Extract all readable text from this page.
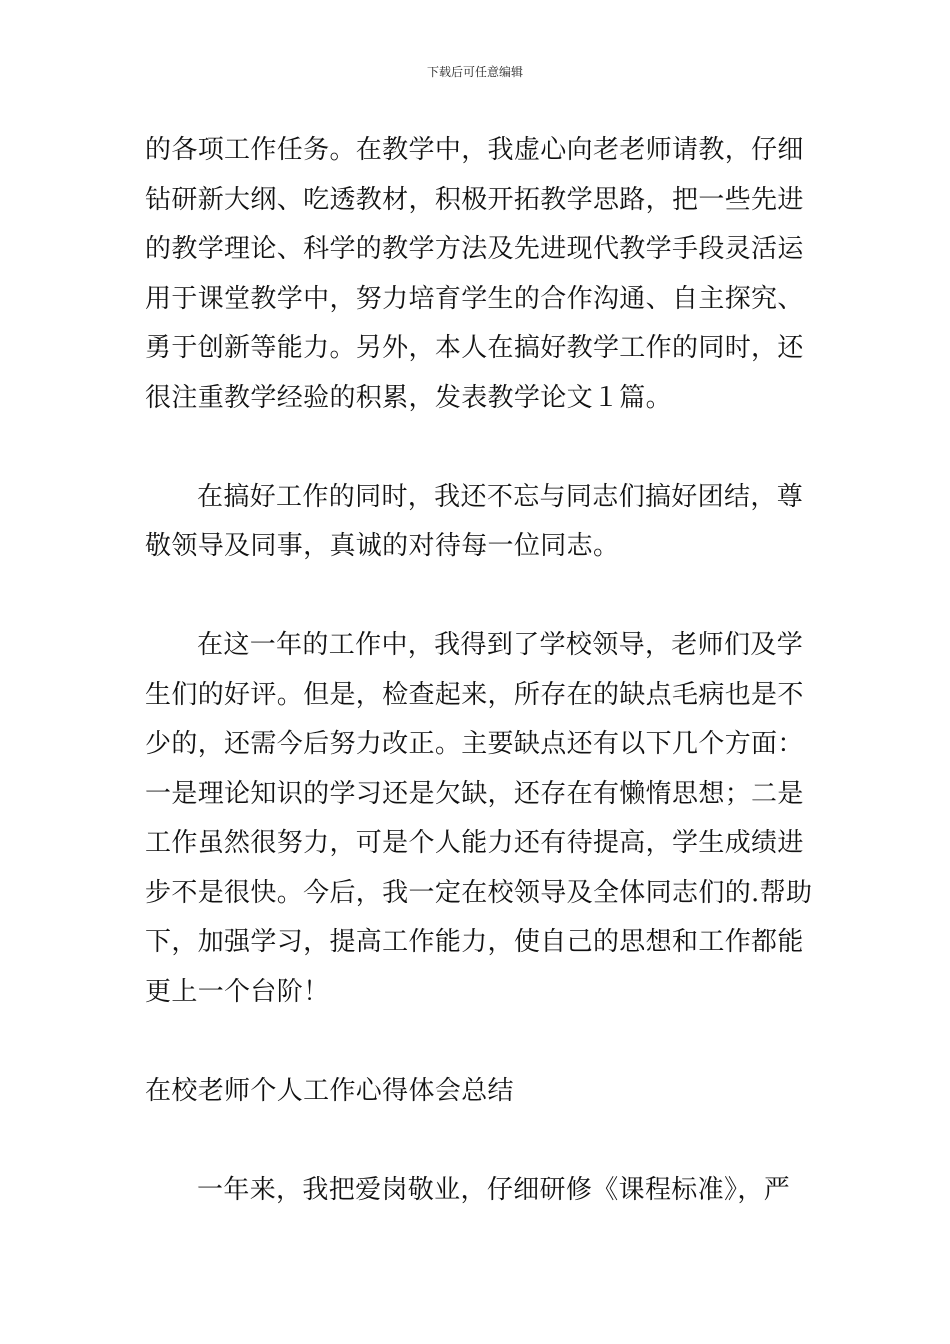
下载后可任意编辑
的各项工作任务。在教学中，我虚心向老老师请教，仔细
钻研新大纲、吃透教材，积极开拓教学思路，把一些先进
的教学理论、科学的教学方法及先进现代教学手段灵活运
用于课堂教学中，努力培育学生的合作沟通、自主探究、
勇于创新等能力。另外，本人在搞好教学工作的同时，还
很注重教学经验的积累，发表教学论文１篇。
在搞好工作的同时，我还不忘与同志们搞好团结，尊
敬领导及同事，真诚的对待每一位同志。
在这一年的工作中，我得到了学校领导，老师们及学
生们的好评。但是，检查起来，所存在的缺点毛病也是不
少的，还需今后努力改正。主要缺点还有以下几个方面：
一是理论知识的学习还是欠缺，还存在有懒惰思想；二是
工作虽然很努力，可是个人能力还有待提高，学生成绩进
步不是很快。今后，我一定在校领导及全体同志们的.帮助
下，加强学习，提高工作能力，使自己的思想和工作都能
更上一个台阶！
在校老师个人工作心得体会总结
一年来，我把爱岗敬业，仔细研修《课程标准》，严
